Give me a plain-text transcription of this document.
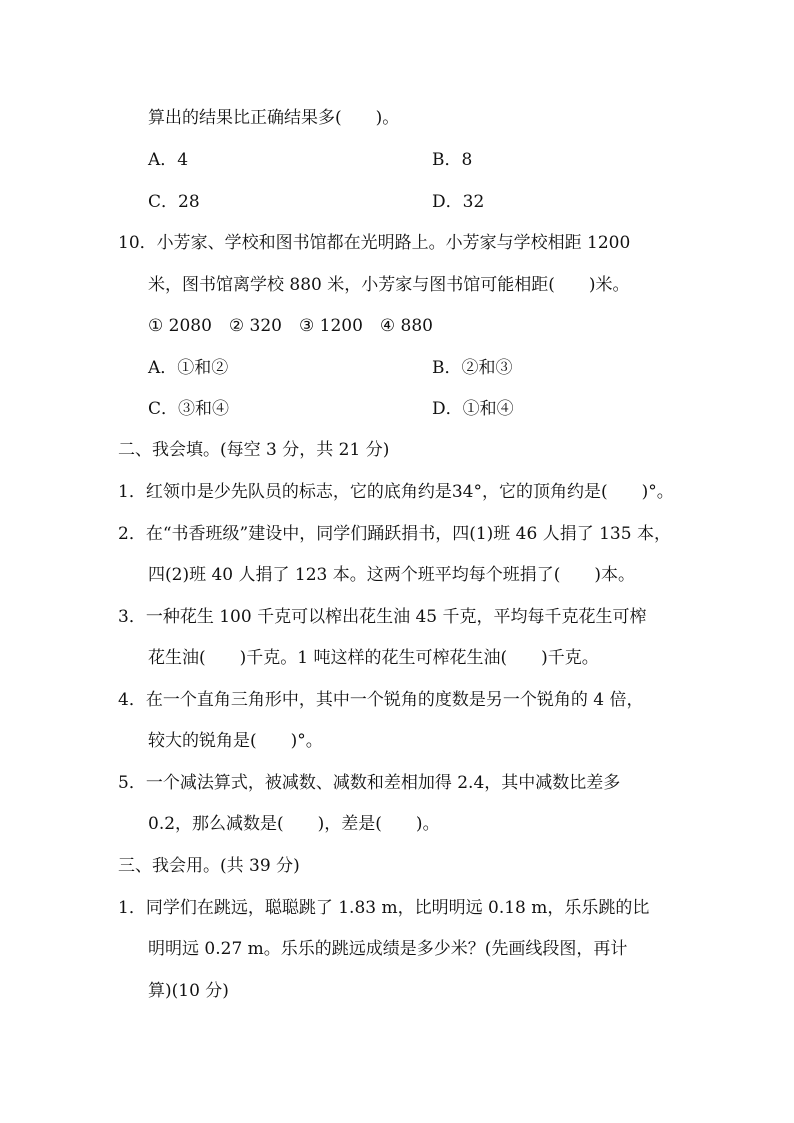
算出的结果比正确结果多(　　)。
A．4	B．8
C．28	D．32
10．小芳家、学校和图书馆都在光明路上。小芳家与学校相距 1200
米，图书馆离学校 880 米，小芳家与图书馆可能相距(　　)米。
① 2080　② 320　③ 1200　④ 880
A．①和②	B．②和③
C．③和④	D．①和④
二、我会填。(每空 3 分，共 21 分)
1．红领巾是少先队员的标志，它的底角约是34°，它的顶角约是(　　)°。
2．在“书香班级”建设中，同学们踊跃捐书，四(1)班 46 人捐了 135 本，
四(2)班 40 人捐了 123 本。这两个班平均每个班捐了(　　)本。
3．一种花生 100 千克可以榨出花生油 45 千克，平均每千克花生可榨
花生油(　　)千克。1 吨这样的花生可榨花生油(　　)千克。
4．在一个直角三角形中，其中一个锐角的度数是另一个锐角的 4 倍，
较大的锐角是(　　)°。
5．一个减法算式，被减数、减数和差相加得 2.4，其中减数比差多
0.2，那么减数是(　　)，差是(　　)。
三、我会用。(共 39 分)
1．同学们在跳远，聪聪跳了 1.83 m，比明明远 0.18 m，乐乐跳的比
明明远 0.27 m。乐乐的跳远成绩是多少米？(先画线段图，再计
算)(10 分)
